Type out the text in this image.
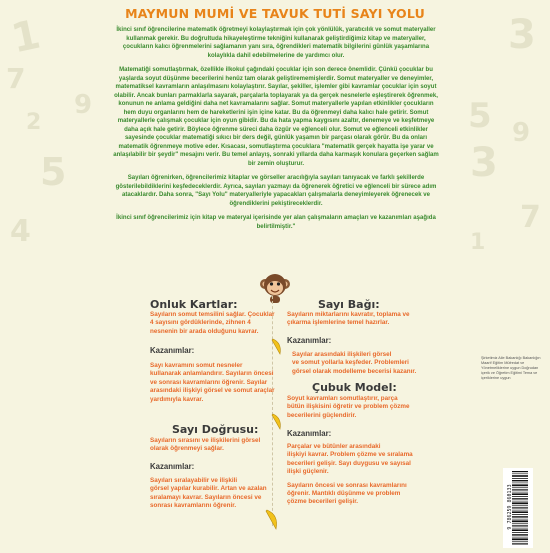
1
7
2
5
9
4
3
5 9
3
7
1
MAYMUN MUMİ VE TAVUK TUTİ SAYI YOLU

İkinci sınıf öğrencilerine matematik öğretmeyi kolaylaştırmak için çok yönlülük, yaratıcılık ve somut materyaller kullanmak gerekir. Bu doğrultuda hikayeleştirme tekniğini kullanarak geliştirdiğimiz kitap ve materyaller, çocukların kalıcı öğrenmelerini sağlamanın yanı sıra, öğrendikleri matematik bilgilerini günlük yaşamlarına kolaylıkla dahil edebilmelerine de yardımcı olur.

Matematiği somutlaştırmak, özellikle ilkokul çağındaki çocuklar için son derece önemlidir. Çünkü çocuklar bu yaşlarda soyut düşünme becerilerini henüz tam olarak geliştirememişlerdir. Somut materyaller ve deneyimler, matematiksel kavramların anlaşılmasını kolaylaştırır. Sayılar, şekiller, işlemler gibi kavramlar çocuklar için soyut olabilir. Ancak bunları parmaklarla sayarak, parçalarla toplayarak ya da gerçek nesnelerle eşleştirerek öğrenmek, konunun ne anlama geldiğini daha net kavramalarını sağlar. Somut materyallerle yapılan etkinlikler çocukların hem duyu organlarını hem de hareketlerini işin içine katar. Bu da öğrenmeyi daha kalıcı hale getirir. Somut materyallerle çalışmak çocuklar için oyun gibidir. Bu da hata yapma kaygısını azaltır, denemeye ve keşfetmeye daha açık hale getirir. Böylece öğrenme süreci daha özgür ve eğlenceli olur. Somut ve eğlenceli etkinlikler sayesinde çocuklar matematiği sıkıcı bir ders değil, günlük yaşamın bir parçası olarak görür. Bu da onları matematik öğrenmeye motive eder. Kısacası, somutlaştırma çocuklara "matematik gerçek hayatta işe yarar ve anlaşılabilir bir şeydir" mesajını verir. Bu temel anlayış, sonraki yıllarda daha karmaşık konulara geçerken sağlam bir zemin oluşturur.

Sayıları öğrenirken, öğrencilerimiz kitaplar ve görseller aracılığıyla sayıları tanıyacak ve farklı şekillerde gösterilebildiklerini keşfedeceklerdir. Ayrıca, sayıları yazmayı da öğrenerek öğretici ve eğlenceli bir sürece adım atacaklardır. Daha sonra, "Sayı Yolu" materyalleriyle yapacakları çalışmalarla deneyimleyerek öğrenecek ve öğrendiklerini pekiştireceklerdir.

İkinci sınıf öğrencilerimiz için kitap ve materyal içerisinde yer alan çalışmaların amaçları ve kazanımları aşağıda belirtilmiştir."

Onluk Kartlar:
Sayıların somut temsilini sağlar. Çocuklar
4 sayısını gördüklerinde, zihnen 4
nesnenin bir arada olduğunu kavrar.
Kazanımlar:
Sayı kavramını somut nesneler
kullanarak anlamlandırır. Sayıların öncesi
ve sonrası kavramlarını öğrenir. Sayılar
arasındaki ilişkiyi görsel ve somut araçlar
yardımıyla kavrar.
Sayı Doğrusu:
Sayıların sırasını ve ilişkilerini görsel
olarak öğrenmeyi sağlar.
Kazanımlar:
Sayıları sıralayabilir ve ilişkili
görsel yapılar kurabilir. Artan ve azalan
sıralamayı kavrar. Sayıların öncesi ve
sonrası kavramlarını öğrenir.
Sayı Bağı:
Sayıların miktarlarını kavratır, toplama ve
çıkarma işlemlerine temel hazırlar.
Kazanımlar:
Sayılar arasındaki ilişkileri görsel
ve somut yollarla keşfeder. Problemleri
görsel olarak modelleme becerisi kazanır.
Çubuk Model:
Soyut kavramları somutlaştırır, parça
bütün ilişkisini öğretir ve problem çözme
becerilerini güçlendirir.
Kazanımlar:
Parçalar ve bütünler arasındaki
ilişkiyi kavrar. Problem çözme ve sıralama
becerileri gelişir. Sayı duygusu ve sayısal
ilişki güçlenir.
Sayıların öncesi ve sonrası kavramlarını
öğrenir. Mantıklı düşünme ve problem
çözme becerileri gelişir.
Şirketimiz Aile Bakanlığı Bakanlığın Maarif Eğitim Müfredat ve Yönetmeliklerine uygun Doğrudan içerik ve Öğretim Eğitimi Tema ve içeriklerine uygun
9 786259 860133
